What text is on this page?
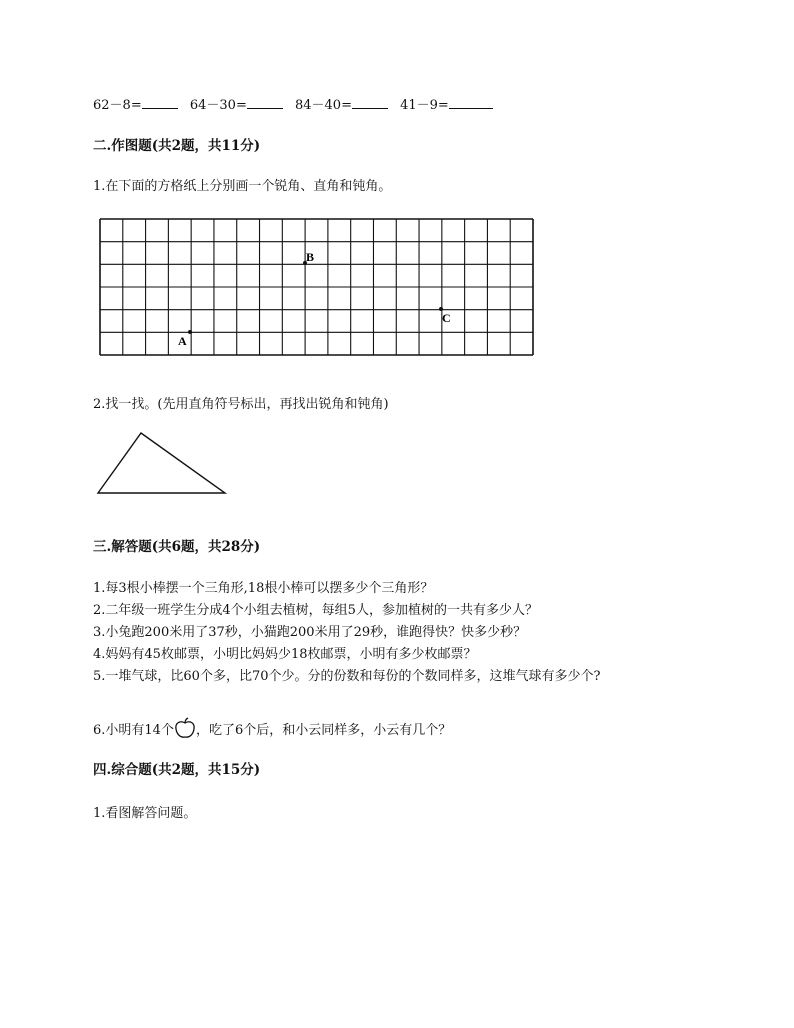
62－8=	64－30=	84－40=	41－9=
二.作图题(共2题，共11分)
1.在下面的方格纸上分别画一个锐角、直角和钝角。
A
B
C
2.找一找。(先用直角符号标出，再找出锐角和钝角)
三.解答题(共6题，共28分)
1.每3根小棒摆一个三角形,18根小棒可以摆多少个三角形？
2.二年级一班学生分成4个小组去植树，每组5人，参加植树的一共有多少人？
3.小兔跑200米用了37秒，小猫跑200米用了29秒，谁跑得快？快多少秒？
4.妈妈有45枚邮票，小明比妈妈少18枚邮票，小明有多少枚邮票？
5.一堆气球，比60个多，比70个少。分的份数和每份的个数同样多，这堆气球有多少个?
6.小明有14个 ，吃了6个后，和小云同样多，小云有几个？
四.综合题(共2题，共15分)
1.看图解答问题。
